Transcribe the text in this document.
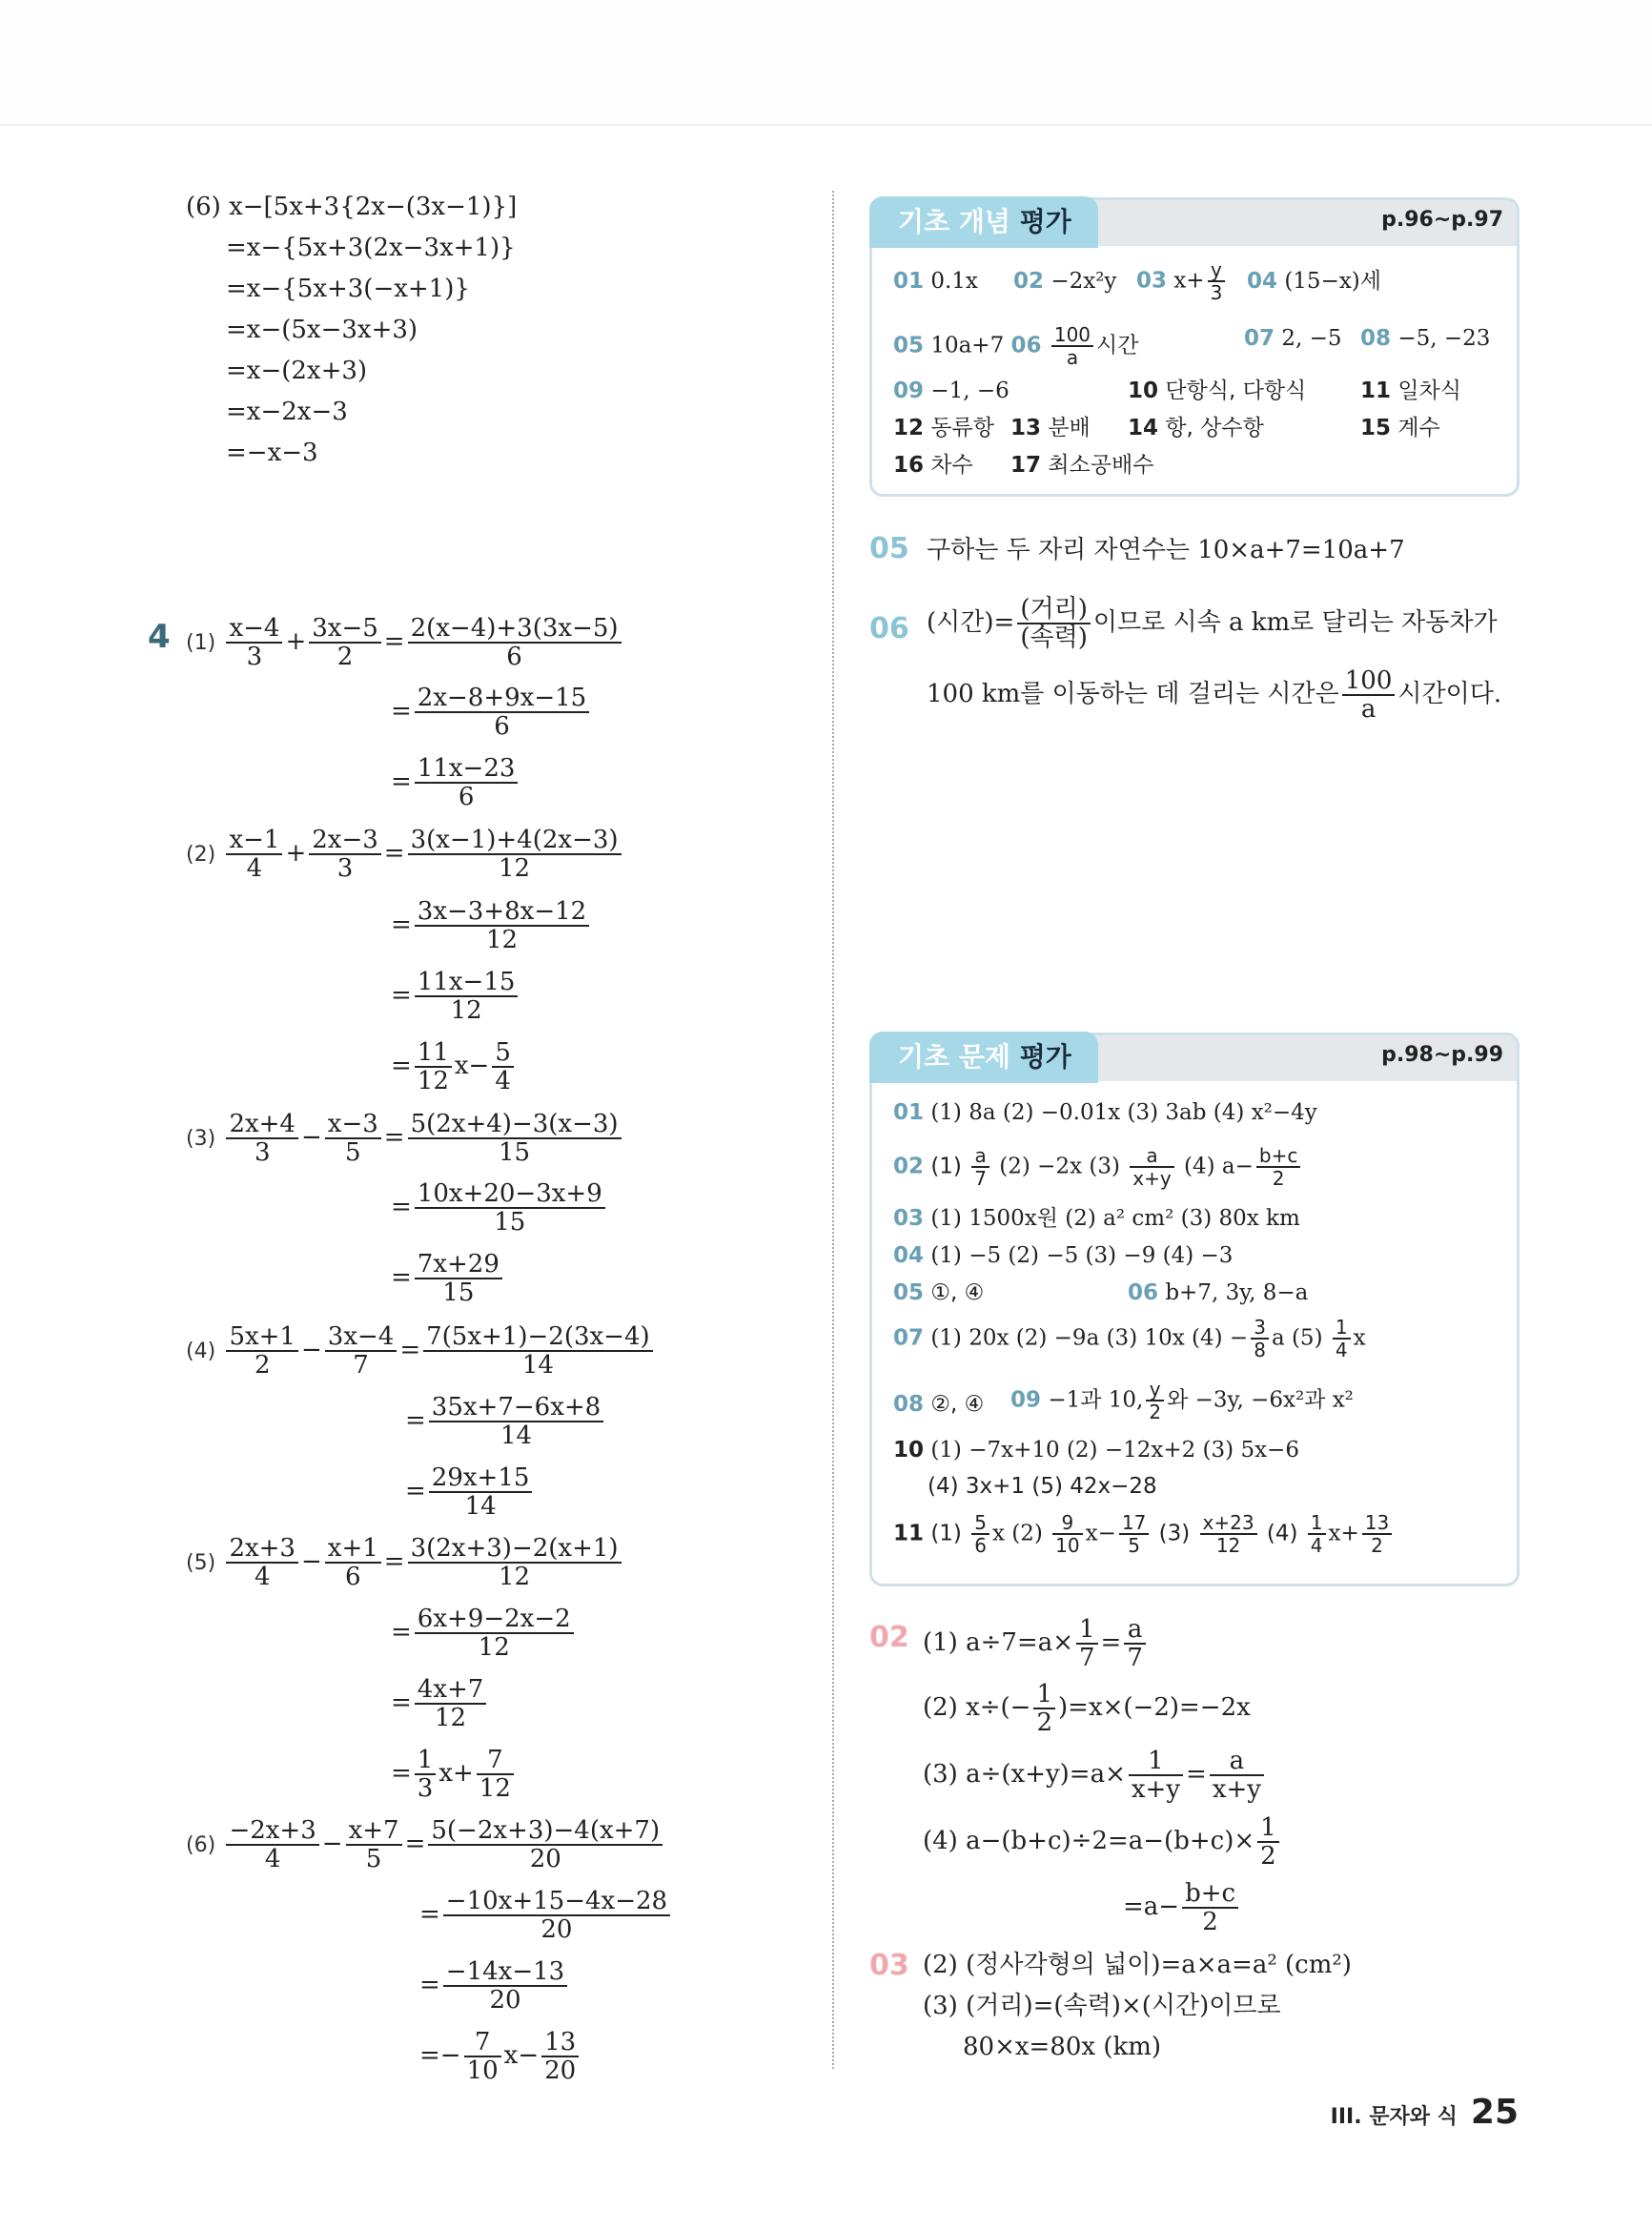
(6) x−[5x+3{2x−(3x−1)}]
=x−{5x+3(2x−3x+1)}
=x−{5x+3(−x+1)}
=x−(5x−3x+3)
=x−(2x+3)
=x−2x−3
=−x−3
4 $(1) \frac{x-4}{3} + \frac{3x-5}{2} = \frac{2(x-4)+3(3x-5)}{6}$
= $\frac{2x-8+9x-15}{6}$
= $\frac{11x-23}{6}$
$(2) \frac{x-1}{4} + \frac{2x-3}{3} = \frac{3(x-1)+4(2x-3)}{12}$
= $\frac{3x-3+8x-12}{12}$
= $\frac{11x-15}{12}$
= $\frac{11}{12} x- \frac{5}{4}$
$(3) \frac{2x+4}{3} - \frac{x-3}{5} = \frac{5(2x+4)-3(x-3)}{15}$
= $\frac{10x+20-3x+9}{15}$
= $\frac{7x+29}{15}$
$(4) \frac{5x+1}{2} - \frac{3x-4}{7} = \frac{7(5x+1)-2(3x-4)}{14}$
= $\frac{35x+7-6x+8}{14}$
= $\frac{29x+15}{14}$
$(5) \frac{2x+3}{4} - \frac{x+1}{6} = \frac{3(2x+3)-2(x+1)}{12}$
= $\frac{6x+9-2x-2}{12}$
= $\frac{4x+7}{12}$
= $\frac{1}{3} x+ \frac{7}{12}$
$(6) \frac{-2x+3}{4} - \frac{x+7}{5} = \frac{5(-2x+3)-4(x+7)}{20}$
= $\frac{-10x+15-4x-28}{20}$
= $\frac{-14x-13}{20}$
=− $\frac{7}{10} x- \frac{13}{20}$
기초 개념 평가	p.96~p.97
01 0.1x 02 −2x²y 03 $x+ \frac{y}{3} 04$ (15−x)세
05 10a+7 $06 \frac{100}{a}$ 시간	07 2, −5 08 −5, −23
09 −1, −6	10 단항식, 다항식 11 일차식
12 동류항 13 분배 14 항, 상수항	15 계수
16 차수 17 최소공배수
05 구하는 두 자리 자연수는 10×a+7=10a+7
06 (시간)= (거리)
(속력)
이므로 시속 a km로 달리는 자동차가
100 km를 이동하는 데 걸리는 시간은 $\frac{100}{a}$ 시간이다.
기초 문제 평가	p.98~p.99
01 (1) 8a (2) −0.01x (3) 3ab (4) x²−4y
02 $(1) \frac{a}{7} (2) -2x$ $(3) \frac{a}{x+y} (4)$ $a- \frac{b+c}{2}$
03 (1) 1500x원 (2) a² cm² (3) 80x km
04 (1) −5 (2) −5 (3) −9 (4) −3
05 ①, ④	06 b+7, 3y, 8−a
07 (1) 20x (2) −9a (3) 10x $(4) - \frac{3}{8}$ a $(5) \frac{1}{4}$ x
08 ②, ④ 09 −1과 10, $\frac{y}{2}$ 와 −3y, −6x²과 x²
10 (1) −7x+10 (2) −12x+2 (3) 5x−6
(4) 3x+1 (5) 42x−28
11 $(1) \frac{5}{6}$ x $(2) \frac{9}{10} x- \frac{17}{5} (3) \frac{x+23}{12} (4) \frac{1}{4} x+ \frac{13}{2}$
02 (1) $a\div 7=a\times \frac{1}{7} = \frac{a}{7}$
(2) $x\div(- \frac{1}{2} )=x\times(-2)=-2x$
(3) $a\div(x+y)=a\times \frac{1}{x+y} = \frac{a}{x+y}$
(4) $a-(b+c)\div 2=a-(b+c)\times \frac{1}{2}$
$=a- \frac{b+c}{2}$
03 (2) (정사각형의 넓이)=a×a=a² (cm²)
(3) (거리)=(속력)×(시간)이므로
80×x=80x (km)
III. 문자와 식 25
